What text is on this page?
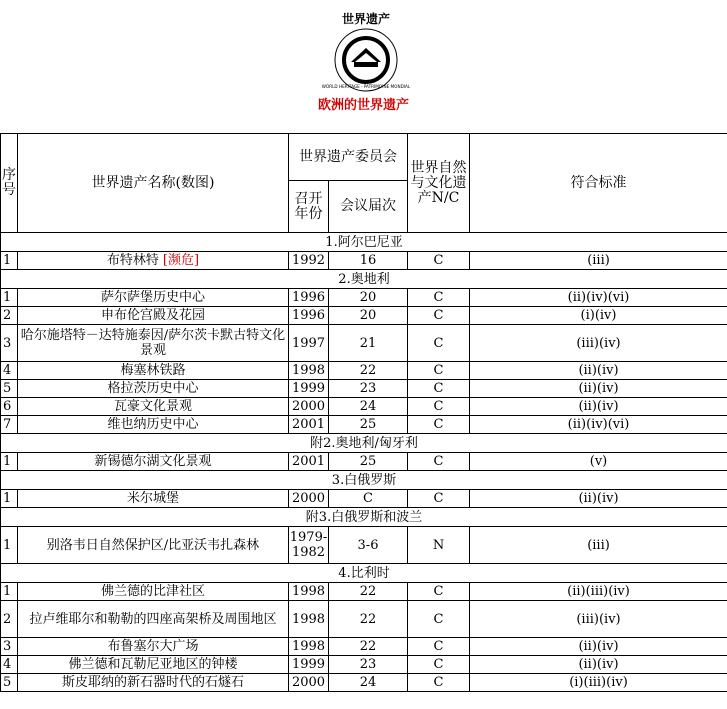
世界遗产
WORLD HERITAGE · PATRIMOINE MONDIAL
欧洲的世界遗产
序号	世界遗产名称(数图)	世界遗产委员会		世界自然与文化遗产N/C	符合标准
		召开年份	会议届次		
1.阿尔巴尼亚					
1	布特林特 [濒危]	1992	16	C	(iii)
2.奥地利					
1	萨尔萨堡历史中心	1996	20	C	(ii)(iv)(vi)
2	申布伦宫殿及花园	1996	20	C	(i)(iv)
3	哈尔施塔特－达特施泰因/萨尔茨卡默古特文化景观	1997	21	C	(iii)(iv)
4	梅塞林铁路	1998	22	C	(ii)(iv)
5	格拉茨历史中心	1999	23	C	(ii)(iv)
6	瓦豪文化景观	2000	24	C	(ii)(iv)
7	维也纳历史中心	2001	25	C	(ii)(iv)(vi)
附2.奥地利/匈牙利					
1	新锡德尔湖文化景观	2001	25	C	(v)
3.白俄罗斯					
1	米尔城堡	2000	C	C	(ii)(iv)
附3.白俄罗斯和波兰					
1	别洛韦日自然保护区/比亚沃韦扎森林	1979-1982	3-6	N	(iii)
4.比利时					
1	佛兰德的比津社区	1998	22	C	(ii)(iii)(iv)
2	拉卢维耶尔和勒勒的四座高架桥及周围地区	1998	22	C	(iii)(iv)
3	布鲁塞尔大广场	1998	22	C	(ii)(iv)
4	佛兰德和瓦勒尼亚地区的钟楼	1999	23	C	(ii)(iv)
5	斯皮耶纳的新石器时代的石燧石	2000	24	C	(i)(iii)(iv)
